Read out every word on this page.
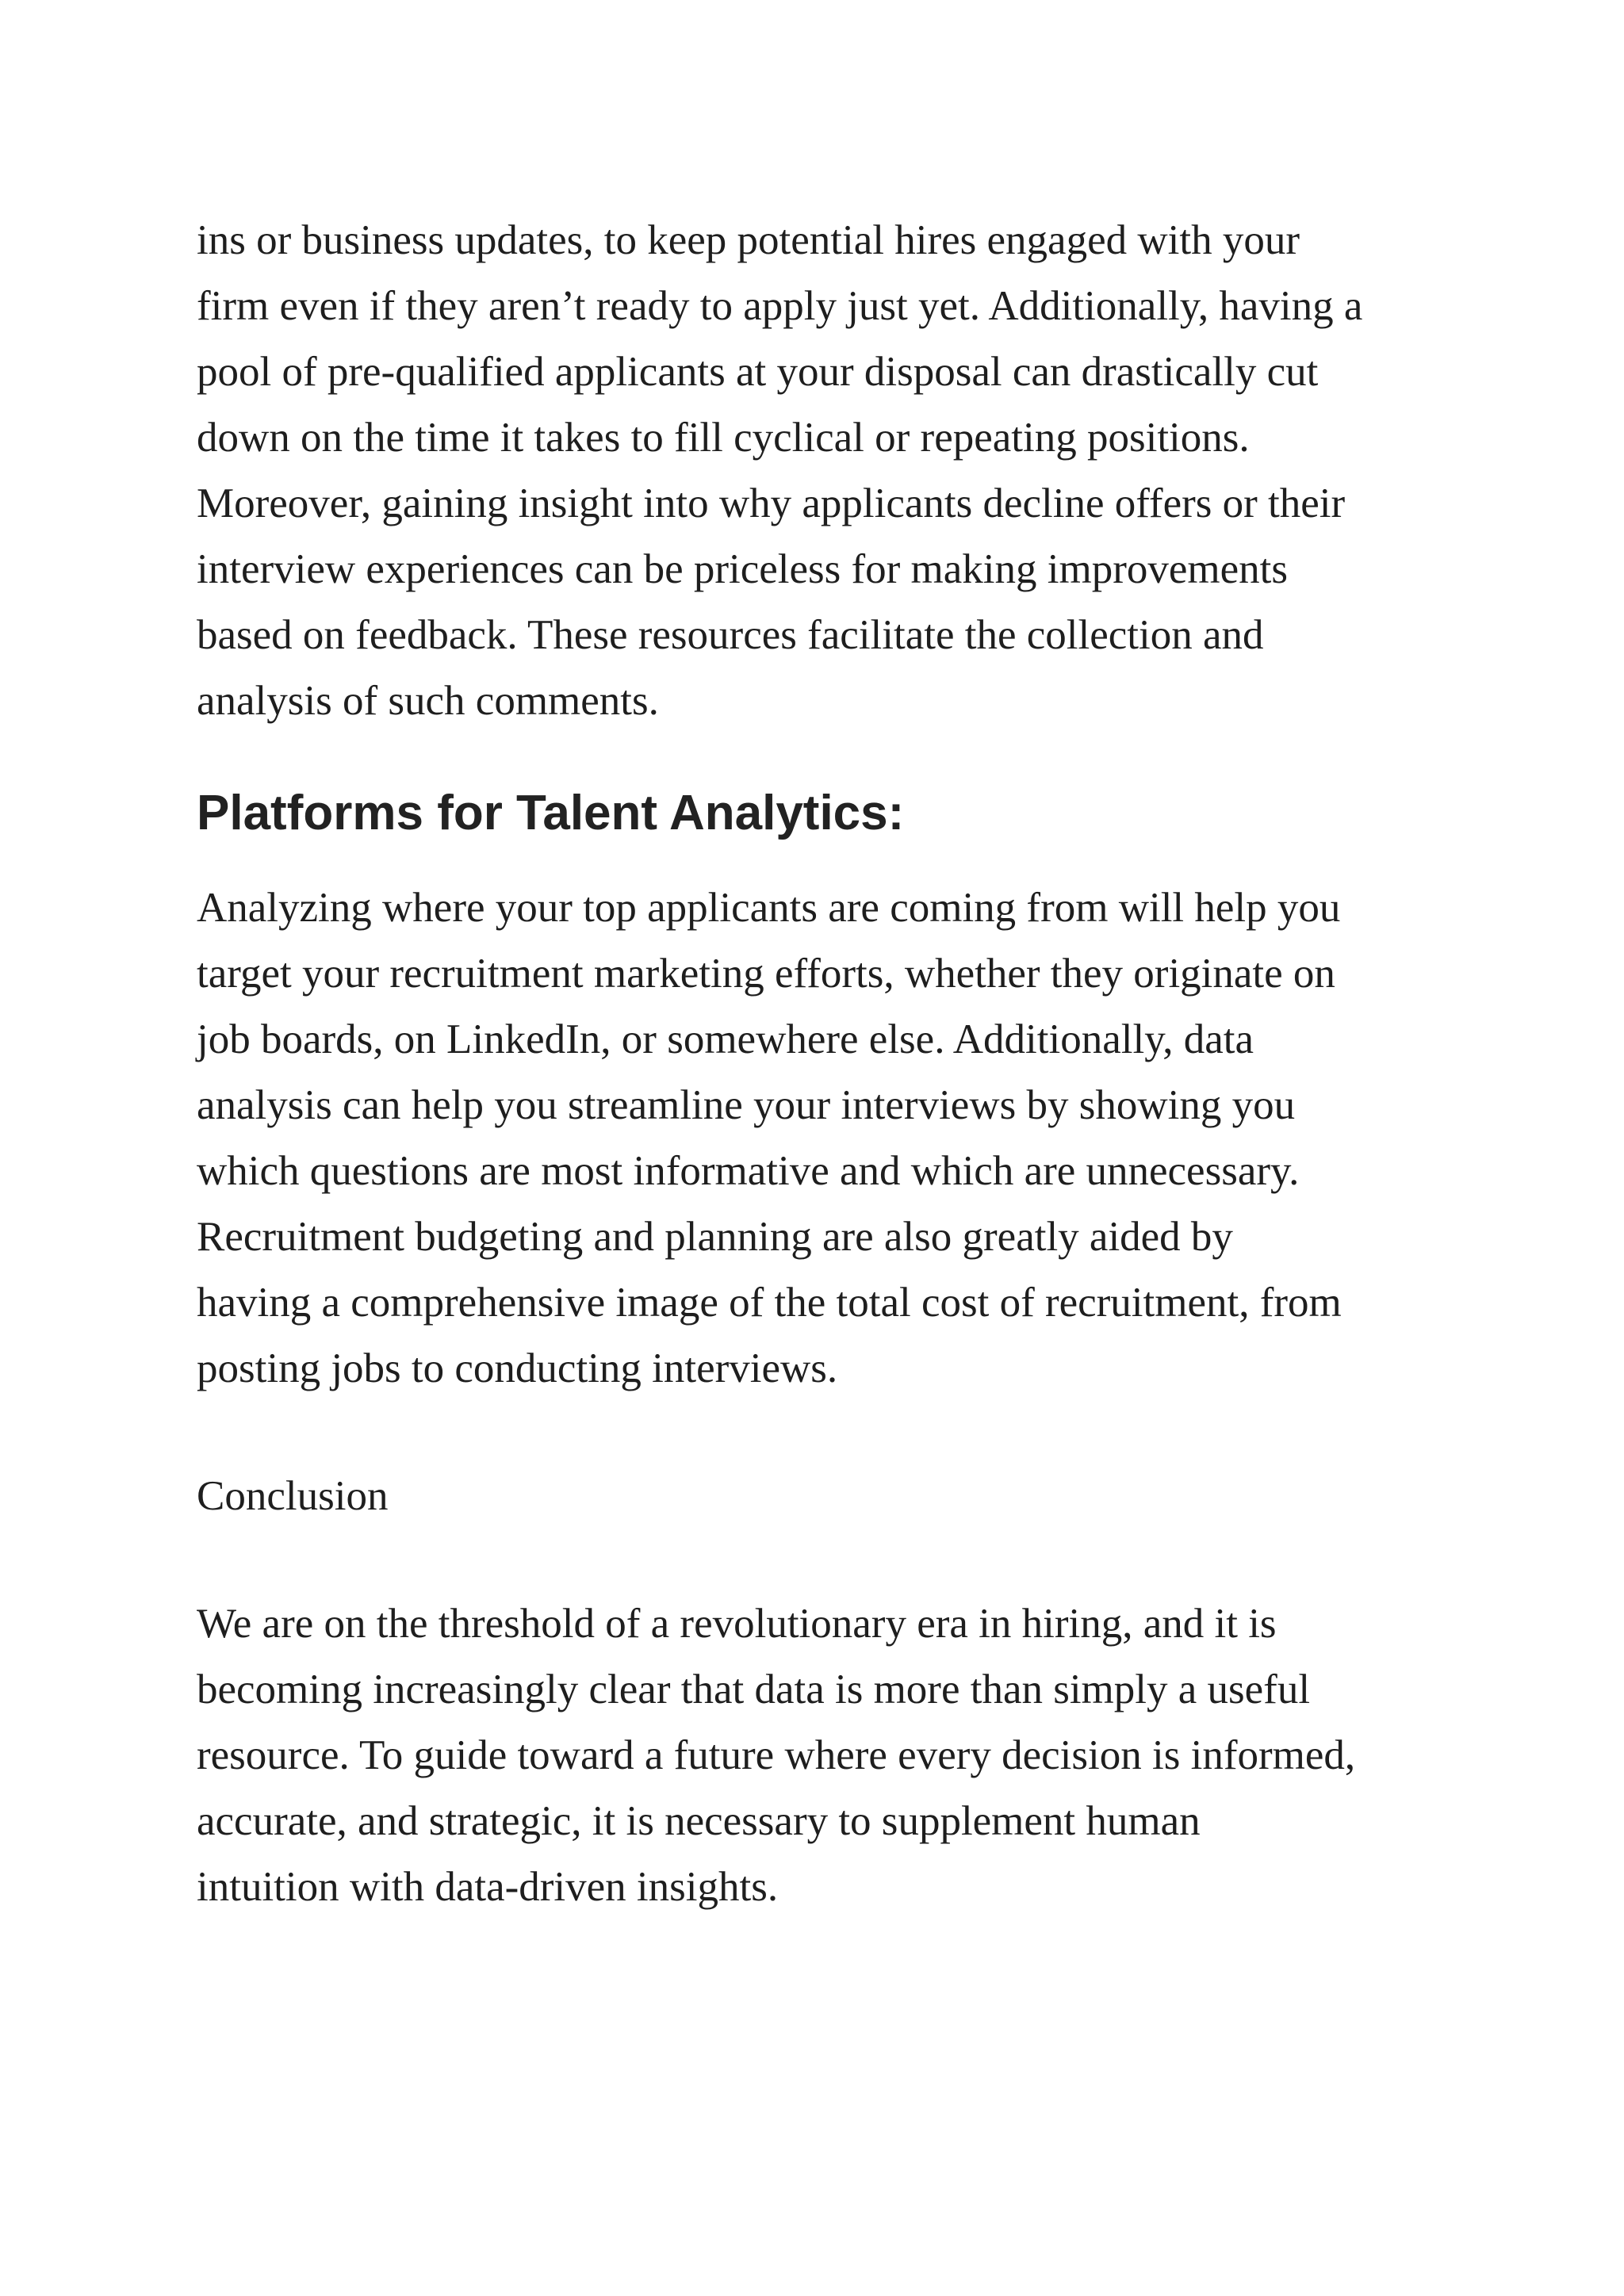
ins or business updates, to keep potential hires engaged with your
firm even if they aren’t ready to apply just yet. Additionally, having a
pool of pre-qualified applicants at your disposal can drastically cut
down on the time it takes to fill cyclical or repeating positions.
Moreover, gaining insight into why applicants decline offers or their
interview experiences can be priceless for making improvements
based on feedback. These resources facilitate the collection and
analysis of such comments.
Platforms for Talent Analytics:
Analyzing where your top applicants are coming from will help you
target your recruitment marketing efforts, whether they originate on
job boards, on LinkedIn, or somewhere else. Additionally, data
analysis can help you streamline your interviews by showing you
which questions are most informative and which are unnecessary.
Recruitment budgeting and planning are also greatly aided by
having a comprehensive image of the total cost of recruitment, from
posting jobs to conducting interviews.
Conclusion
We are on the threshold of a revolutionary era in hiring, and it is
becoming increasingly clear that data is more than simply a useful
resource. To guide toward a future where every decision is informed,
accurate, and strategic, it is necessary to supplement human
intuition with data-driven insights.
